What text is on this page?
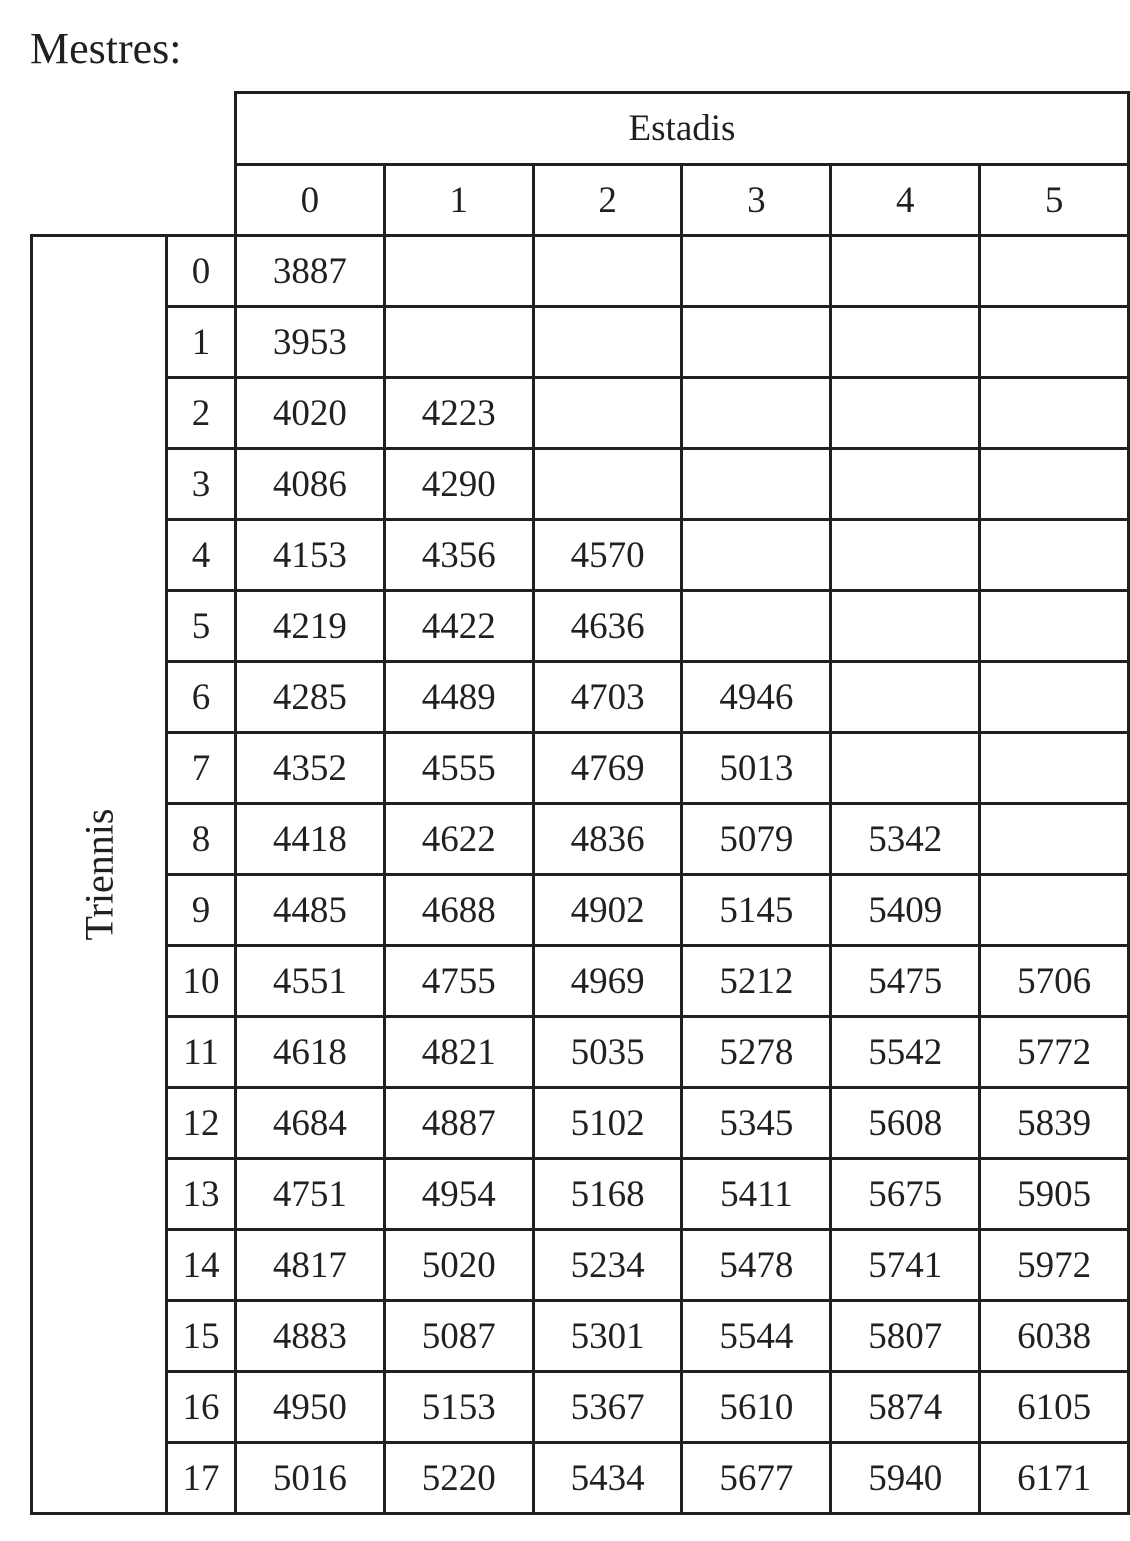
Mestres:
		Estadis					
		0	1	2	3	4	5
Triennis	0	3887					
	1	3953					
	2	4020	4223				
	3	4086	4290				
	4	4153	4356	4570			
	5	4219	4422	4636			
	6	4285	4489	4703	4946		
	7	4352	4555	4769	5013		
	8	4418	4622	4836	5079	5342	
	9	4485	4688	4902	5145	5409	
	10	4551	4755	4969	5212	5475	5706
	11	4618	4821	5035	5278	5542	5772
	12	4684	4887	5102	5345	5608	5839
	13	4751	4954	5168	5411	5675	5905
	14	4817	5020	5234	5478	5741	5972
	15	4883	5087	5301	5544	5807	6038
	16	4950	5153	5367	5610	5874	6105
	17	5016	5220	5434	5677	5940	6171
